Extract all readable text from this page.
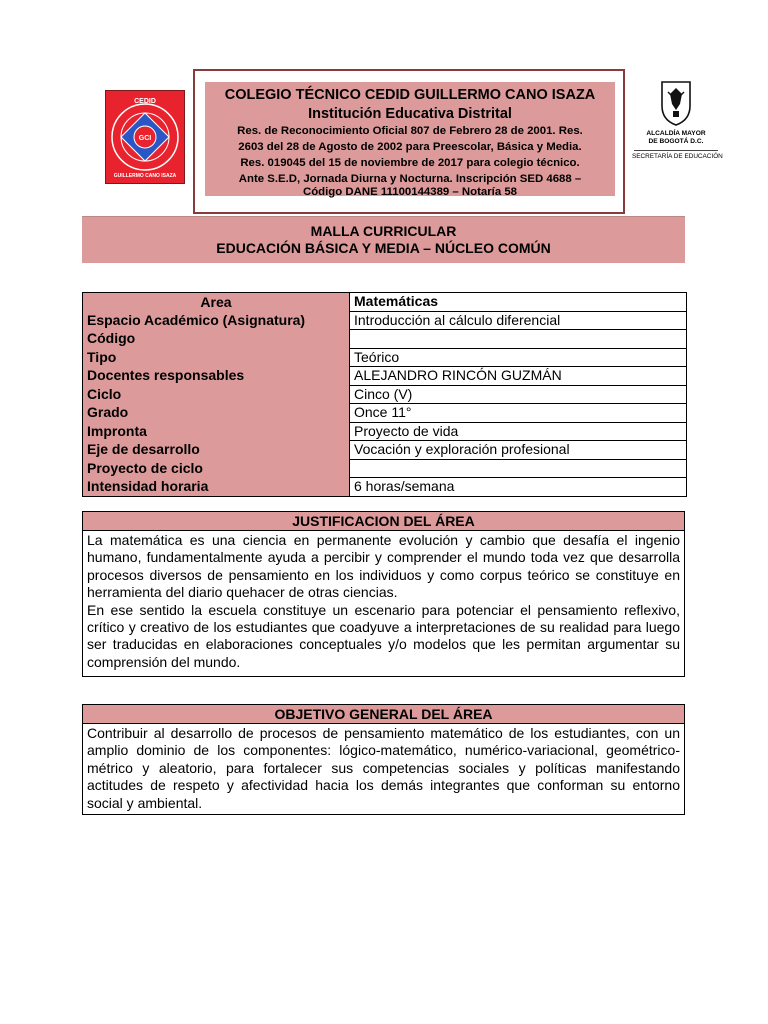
CEDID
GCI
GUILLERMO CANO ISAZA
COLEGIO TÉCNICO CEDID GUILLERMO CANO ISAZA
Institución Educativa Distrital
Res. de Reconocimiento Oficial 807 de Febrero 28 de 2001. Res.
2603 del 28 de Agosto de 2002 para Preescolar, Básica y Media.
Res. 019045 del 15 de noviembre de 2017 para colegio técnico.
Ante S.E.D, Jornada Diurna y Nocturna. Inscripción SED 4688 –
Código DANE 11100144389 – Notaría 58
ALCALDÍA MAYOR
DE BOGOTÁ D.C.
SECRETARÍA DE EDUCACIÓN
MALLA CURRICULAR
EDUCACIÓN BÁSICA Y MEDIA – NÚCLEO COMÚN
Area	Matemáticas
Espacio Académico (Asignatura)	Introducción al cálculo diferencial
Código	
Tipo	Teórico
Docentes responsables	ALEJANDRO RINCÓN GUZMÁN
Ciclo	Cinco (V)
Grado	Once 11°
Impronta	Proyecto de vida
Eje de desarrollo	Vocación y exploración profesional
Proyecto de ciclo	
Intensidad horaria	6 horas/semana
JUSTIFICACION DEL ÁREA

La matemática es una ciencia en permanente evolución y cambio que desafía el ingenio humano, fundamentalmente ayuda a percibir y comprender el mundo toda vez que desarrolla procesos diversos de pensamiento en los individuos y como corpus teórico se constituye en herramienta del diario quehacer de otras ciencias.

En ese sentido la escuela constituye un escenario para potenciar el pensamiento reflexivo, crítico y creativo de los estudiantes que coadyuve a interpretaciones de su realidad para luego ser traducidas en elaboraciones conceptuales y/o modelos que les permitan argumentar su comprensión del mundo.

OBJETIVO GENERAL DEL ÁREA

Contribuir al desarrollo de procesos de pensamiento matemático de los estudiantes, con un amplio dominio de los componentes: lógico-matemático, numérico-variacional, geométrico-métrico y aleatorio, para fortalecer sus competencias sociales y políticas manifestando actitudes de respeto y afectividad hacia los demás integrantes que conforman su entorno social y ambiental.
